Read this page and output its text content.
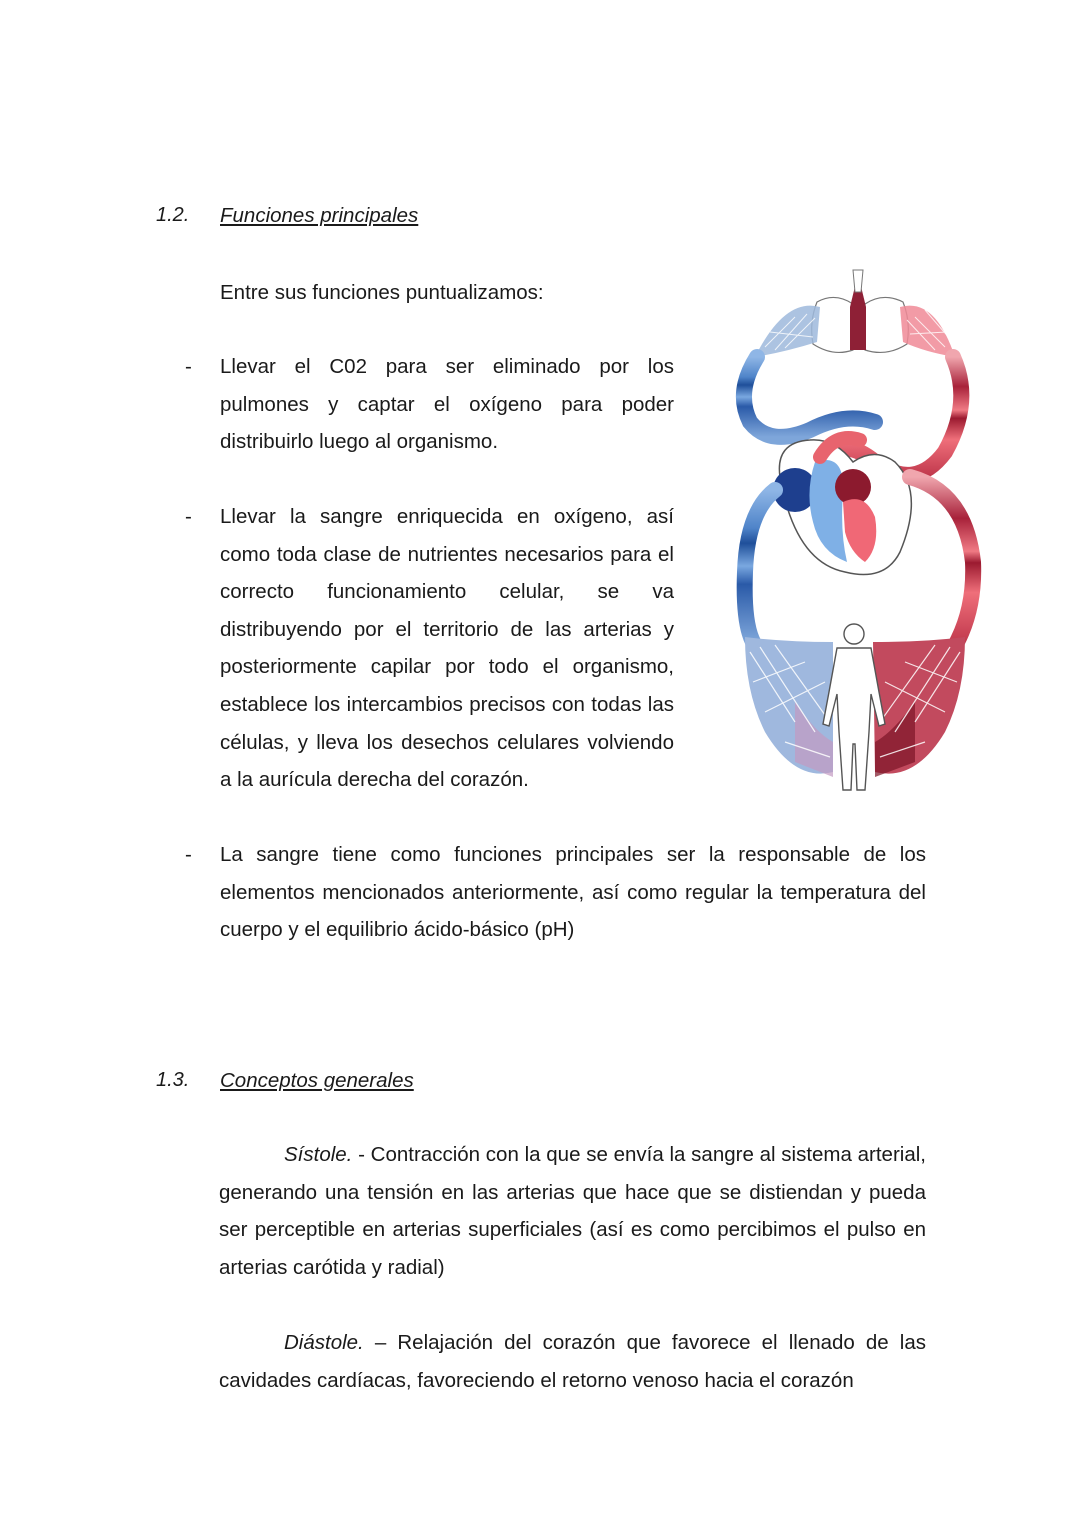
1.2. Funciones principales
Entre sus funciones puntualizamos:
- Llevar el C02 para ser eliminado por los pulmones y captar el oxígeno para poder distribuirlo luego al organismo.
- Llevar la sangre enriquecida en oxígeno, así como toda clase de nutrientes necesarios para el correcto funcionamiento celular, se va distribuyendo por el territorio de las arterias y posteriormente capilar por todo el organismo, establece los intercambios precisos con todas las células, y lleva los desechos celulares volviendo a la aurícula derecha del corazón.
- La sangre tiene como funciones principales ser la responsable de los elementos mencionados anteriormente, así como regular la temperatura del cuerpo y el equilibrio ácido-básico (pH)
1.3. Conceptos generales
Sístole. - Contracción con la que se envía la sangre al sistema arterial, generando una tensión en las arterias que hace que se distiendan y pueda ser perceptible en arterias superficiales (así es como percibimos el pulso en arterias carótida y radial)
Diástole. – Relajación del corazón que favorece el llenado de las cavidades cardíacas, favoreciendo el retorno venoso hacia el corazón
